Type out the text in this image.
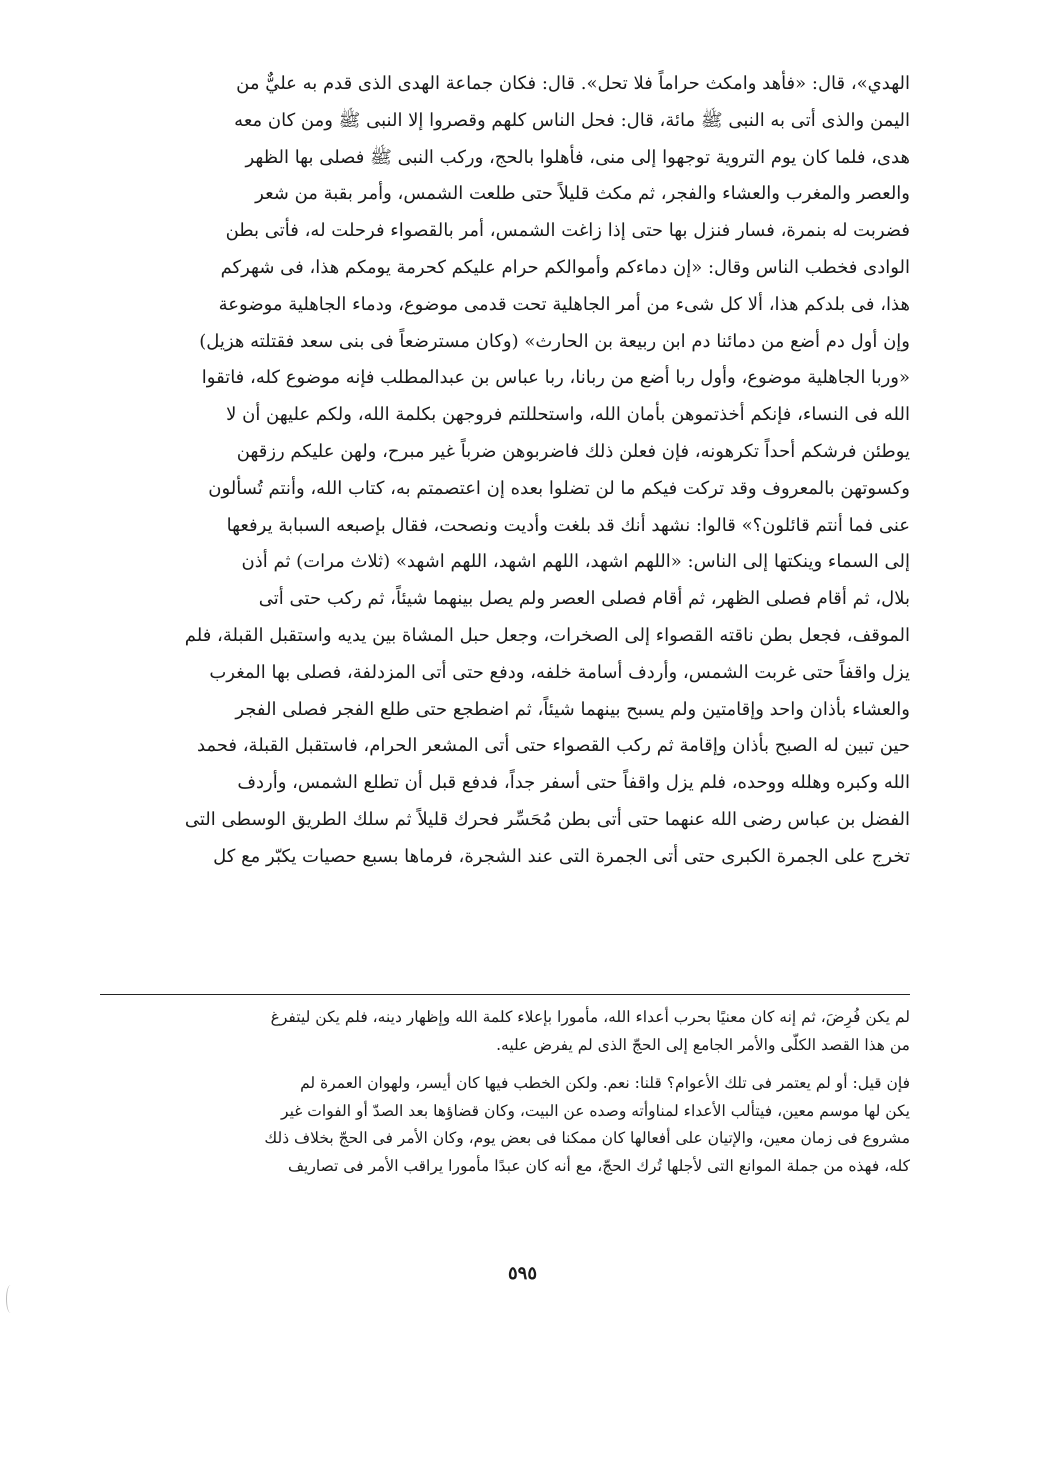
الهدي»، قال: «فأهد وامكث حراماً فلا تحل». قال: فكان جماعة الهدى الذى قدم به عليٌّ من
اليمن والذى أتى به النبى ﷺ مائة، قال: فحل الناس كلهم وقصروا إلا النبى ﷺ ومن كان معه
هدى، فلما كان يوم التروية توجهوا إلى منى، فأهلوا بالحج، وركب النبى ﷺ فصلى بها الظهر
والعصر والمغرب والعشاء والفجر، ثم مكث قليلاً حتى طلعت الشمس، وأمر بقبة من شعر
فضربت له بنمرة، فسار فنزل بها حتى إذا زاغت الشمس، أمر بالقصواء فرحلت له، فأتى بطن
الوادى فخطب الناس وقال: «إن دماءكم وأموالكم حرام عليكم كحرمة يومكم هذا، فى شهركم
هذا، فى بلدكم هذا، ألا كل شىء من أمر الجاهلية تحت قدمى موضوع، ودماء الجاهلية موضوعة
وإن أول دم أضع من دمائنا دم ابن ربيعة بن الحارث» (وكان مسترضعاً فى بنى سعد فقتلته هزيل)
«وربا الجاهلية موضوع، وأول ربا أضع من ربانا، ربا عباس بن عبدالمطلب فإنه موضوع كله، فاتقوا
الله فى النساء، فإنكم أخذتموهن بأمان الله، واستحللتم فروجهن بكلمة الله، ولكم عليهن أن لا
يوطئن فرشكم أحداً تكرهونه، فإن فعلن ذلك فاضربوهن ضرباً غير مبرح، ولهن عليكم رزقهن
وكسوتهن بالمعروف وقد تركت فيكم ما لن تضلوا بعده إن اعتصمتم به، كتاب الله، وأنتم تُسألون
عنى فما أنتم قائلون؟» قالوا: نشهد أنك قد بلغت وأديت ونصحت، فقال بإصبعه السبابة يرفعها
إلى السماء وينكتها إلى الناس: «اللهم اشهد، اللهم اشهد، اللهم اشهد» (ثلاث مرات) ثم أذن
بلال، ثم أقام فصلى الظهر، ثم أقام فصلى العصر ولم يصل بينهما شيئاً، ثم ركب حتى أتى
الموقف، فجعل بطن ناقته القصواء إلى الصخرات، وجعل حبل المشاة بين يديه واستقبل القبلة، فلم
يزل واقفاً حتى غربت الشمس، وأردف أسامة خلفه، ودفع حتى أتى المزدلفة، فصلى بها المغرب
والعشاء بأذان واحد وإقامتين ولم يسبح بينهما شيئاً، ثم اضطجع حتى طلع الفجر فصلى الفجر
حين تبين له الصبح بأذان وإقامة ثم ركب القصواء حتى أتى المشعر الحرام، فاستقبل القبلة، فحمد
الله وكبره وهلله ووحده، فلم يزل واقفاً حتى أسفر جداً، فدفع قبل أن تطلع الشمس، وأردف
الفضل بن عباس رضى الله عنهما حتى أتى بطن مُحَسِّر فحرك قليلاً ثم سلك الطريق الوسطى التى
تخرج على الجمرة الكبرى حتى أتى الجمرة التى عند الشجرة، فرماها بسبع حصيات يكبّر مع كل
لم يكن فُرِضَ، ثم إنه كان معنيًا بحرب أعداء الله، مأمورا بإعلاء كلمة الله وإظهار دينه، فلم يكن ليتفرغ
من هذا القصد الكلّى والأمر الجامع إلى الحجّ الذى لم يفرض عليه.
فإن قيل: أو لم يعتمر فى تلك الأعوام؟ قلنا: نعم. ولكن الخطب فيها كان أيسر، ولهوان العمرة لم
يكن لها موسم معين، فيتألب الأعداء لمناوأته وصده عن البيت، وكان قضاؤها بعد الصدّ أو الفوات غير
مشروع فى زمان معين، والإتيان على أفعالها كان ممكنا فى بعض يوم، وكان الأمر فى الحجّ بخلاف ذلك
كله، فهذه من جملة الموانع التى لأجلها تُرك الحجّ، مع أنه كان عبدًا مأمورا يراقب الأمر فى تصاريف
٥٩٥
